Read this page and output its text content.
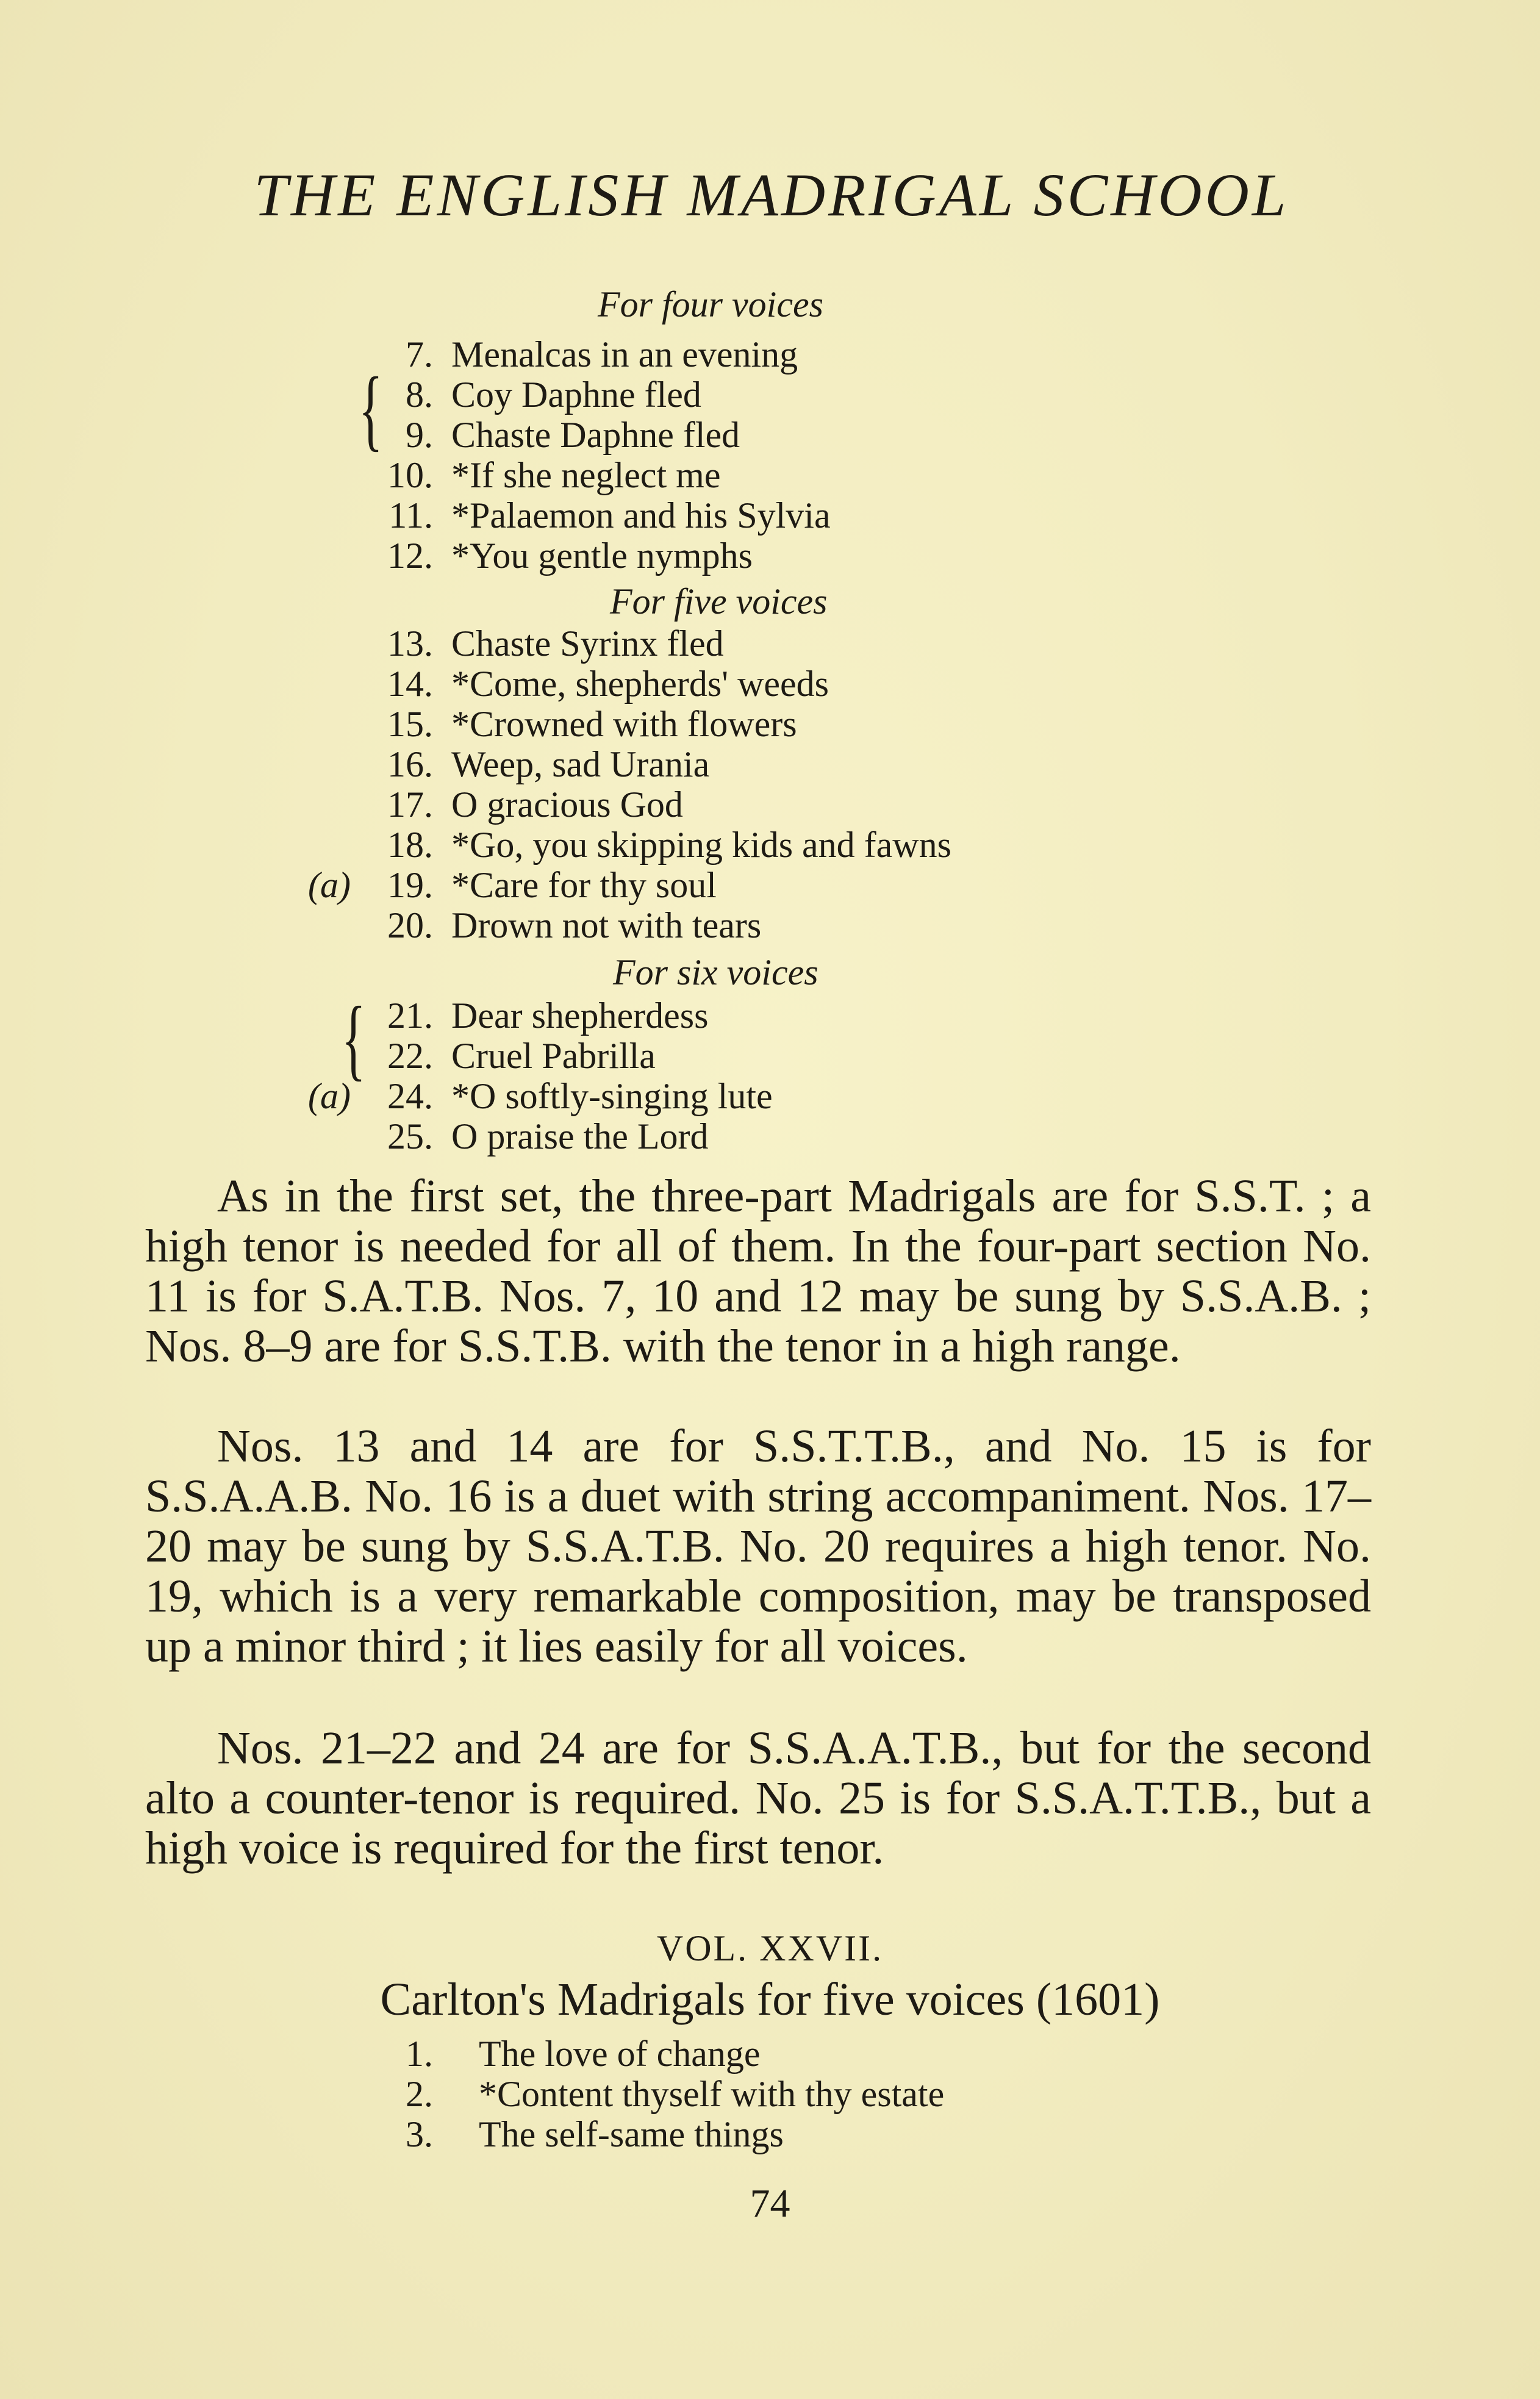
THE ENGLISH MADRIGAL SCHOOL
For four voices
{
7. Menalcas in an evening
8. Coy Daphne fled
9. Chaste Daphne fled
10. *If she neglect me
11. *Palaemon and his Sylvia
12. *You gentle nymphs
For five voices
13. Chaste Syrinx fled
14. *Come, shepherds' weeds
15. *Crowned with flowers
16. Weep, sad Urania
17. O gracious God
18. *Go, you skipping kids and fawns
(a) 19. *Care for thy soul
20. Drown not with tears
For six voices
{ 21. Dear shepherdess
22. Cruel Pabrilla
(a) 24. *O softly-singing lute
25. O praise the Lord

As in the first set, the three-part Madrigals are for S.S.T. ; a high tenor is needed for all of them. In the four-part section No. 11 is for S.A.T.B. Nos. 7, 10 and 12 may be sung by S.S.A.B. ; Nos. 8–9 are for S.S.T.B. with the tenor in a high range.

Nos. 13 and 14 are for S.S.T.T.B., and No. 15 is for S.S.A.A.B. No. 16 is a duet with string accompaniment. Nos. 17–20 may be sung by S.S.A.T.B. No. 20 requires a high tenor. No. 19, which is a very remarkable composition, may be transposed up a minor third ; it lies easily for all voices.

Nos. 21–22 and 24 are for S.S.A.A.T.B., but for the second alto a counter-tenor is required. No. 25 is for S.S.A.T.T.B., but a high voice is required for the first tenor.

VOL. XXVII.
Carlton's Madrigals for five voices (1601)
1. The love of change
2. *Content thyself with thy estate
3. The self-same things
74
